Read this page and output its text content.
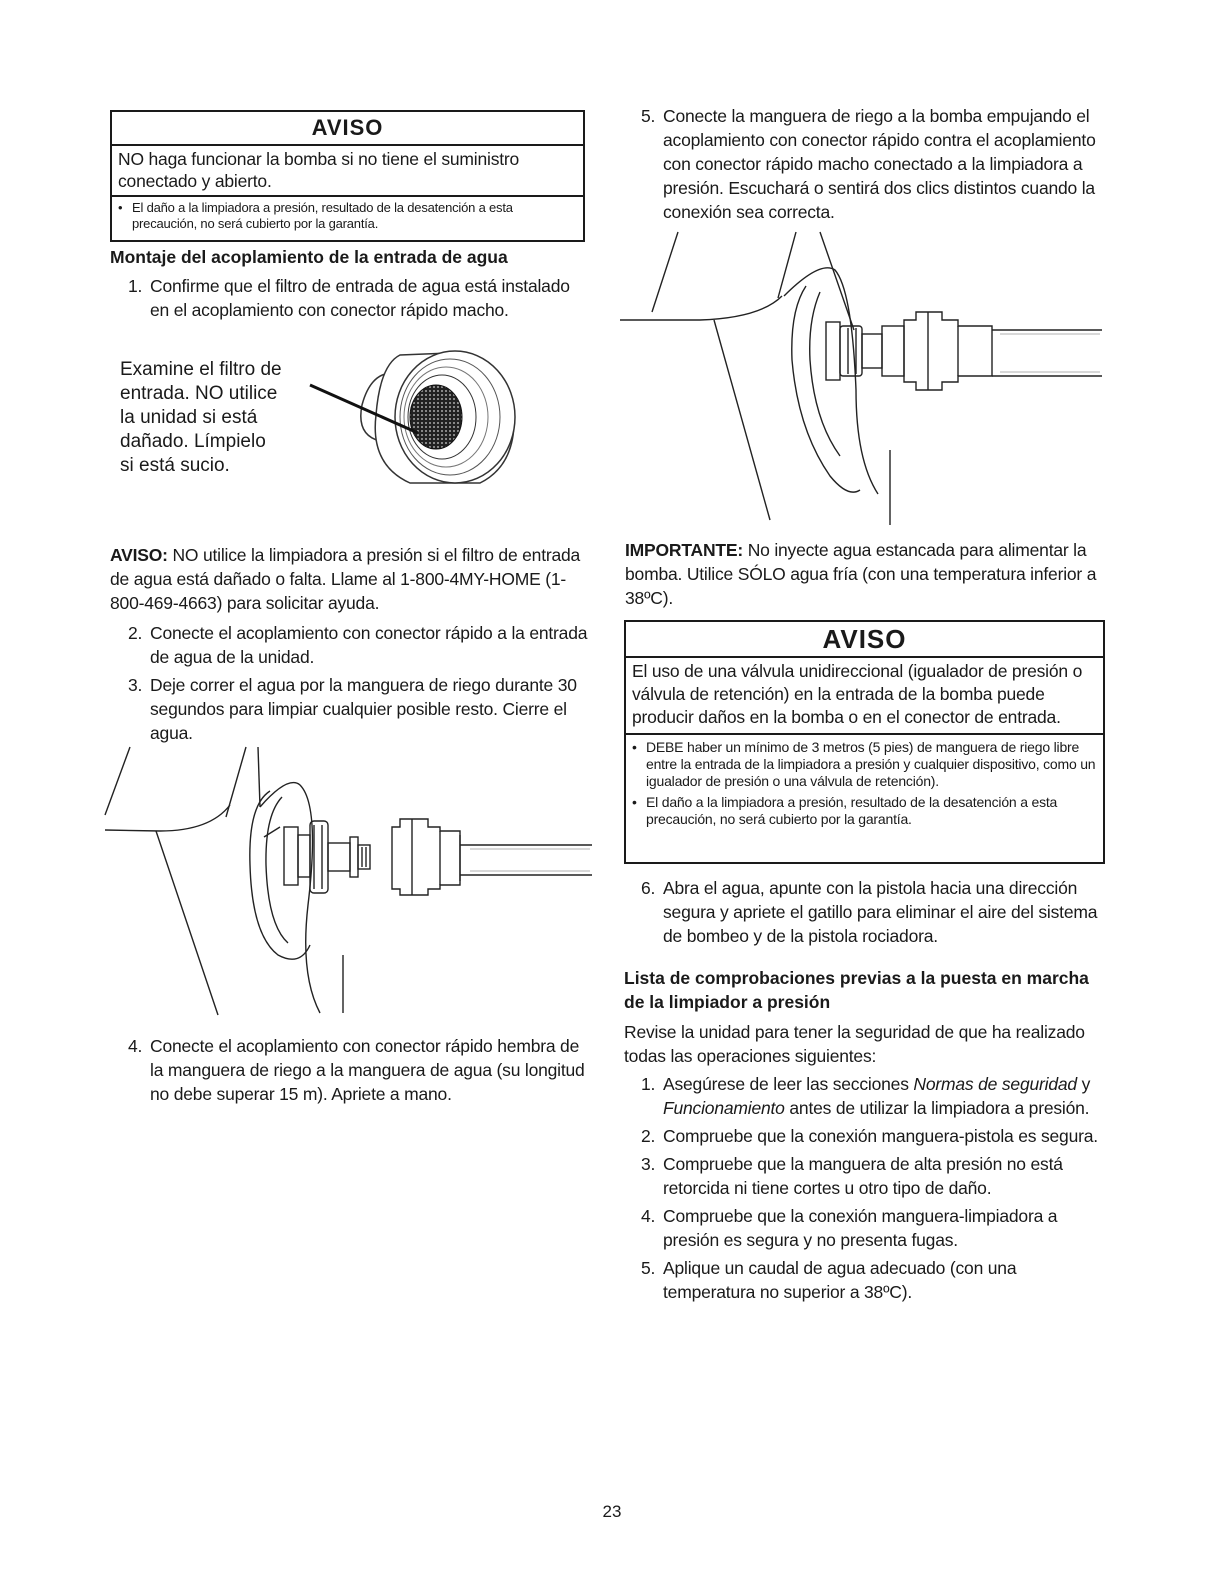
AVISO
NO haga funcionar la bomba si no tiene el suministro conectado y abierto.
• El daño a la limpiadora a presión, resultado de la desatención a esta precaución, no será cubierto por la garantía.
Montaje del acoplamiento de la entrada de agua
1. Confirme que el filtro de entrada de agua está instalado en el acoplamiento con conector rápido macho.
Examine el filtro de
entrada. NO utilice
la unidad si está
dañado. Límpielo
si está sucio.
AVISO: NO utilice la limpiadora a presión si el filtro de entrada de agua está dañado o falta. Llame al 1-800-4MY-HOME (1-800-469-4663) para solicitar ayuda.
2. Conecte el acoplamiento con conector rápido a la entrada de agua de la unidad.
3. Deje correr el agua por la manguera de riego durante 30 segundos para limpiar cualquier posible resto. Cierre el agua.
4. Conecte el acoplamiento con conector rápido hembra de la manguera de riego a la manguera de agua (su longitud no debe superar 15 m). Apriete a mano.
5. Conecte la manguera de riego a la bomba empujando el acoplamiento con conector rápido contra el acoplamiento con conector rápido macho conectado a la limpiadora a presión. Escuchará o sentirá dos clics distintos cuando la conexión sea correcta.
IMPORTANTE: No inyecte agua estancada para alimentar la bomba. Utilice SÓLO agua fría (con una temperatura inferior a 38ºC).
AVISO
El uso de una válvula unidireccional (igualador de presión o válvula de retención) en la entrada de la bomba puede producir daños en la bomba o en el conector de entrada.
• DEBE haber un mínimo de 3 metros (5 pies) de manguera de riego libre entre la entrada de la limpiadora a presión y cualquier dispositivo, como un igualador de presión o una válvula de retención).
• El daño a la limpiadora a presión, resultado de la desatención a esta precaución, no será cubierto por la garantía.
6. Abra el agua, apunte con la pistola hacia una dirección segura y apriete el gatillo para eliminar el aire del sistema de bombeo y de la pistola rociadora.
Lista de comprobaciones previas a la puesta en marcha de la limpiador a presión
Revise la unidad para tener la seguridad de que ha realizado todas las operaciones siguientes:
1. Asegúrese de leer las secciones Normas de seguridad y Funcionamiento antes de utilizar la limpiadora a presión.
2. Compruebe que la conexión manguera-pistola es segura.
3. Compruebe que la manguera de alta presión no está retorcida ni tiene cortes u otro tipo de daño.
4. Compruebe que la conexión manguera-limpiadora a presión es segura y no presenta fugas.
5. Aplique un caudal de agua adecuado (con una temperatura no superior a 38ºC).
23
